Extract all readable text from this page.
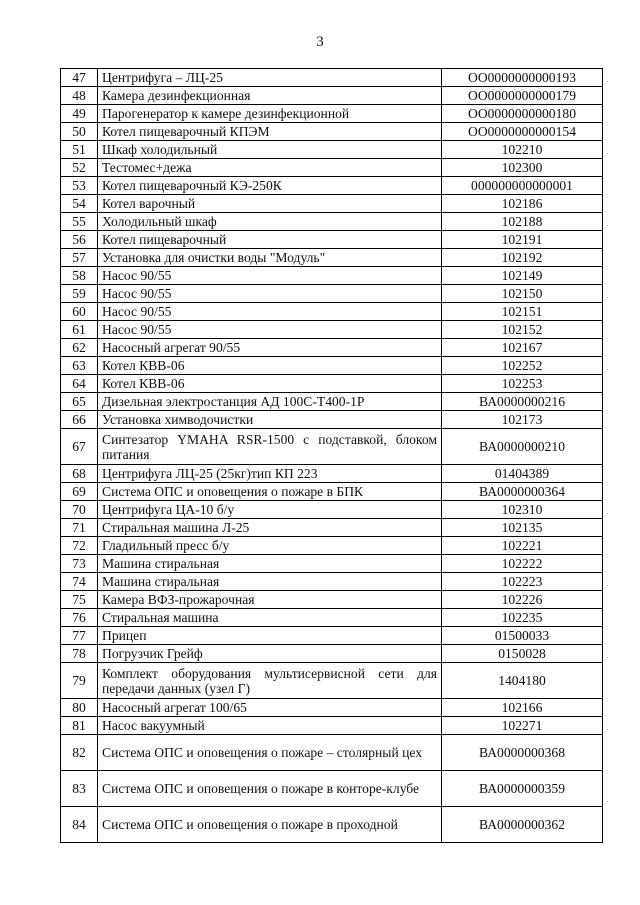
3
47	Центрифуга – ЛЦ-25	ОО0000000000193
48	Камера дезинфекционная	ОО0000000000179
49	Парогенератор к камере дезинфекционной	ОО0000000000180
50	Котел пищеварочный КПЭМ	ОО0000000000154
51	Шкаф холодильный	102210
52	Тестомес+дежа	102300
53	Котел пищеварочный КЭ-250К	000000000000001
54	Котел варочный	102186
55	Холодильный шкаф	102188
56	Котел пищеварочный	102191
57	Установка для очистки воды "Модуль"	102192
58	Насос 90/55	102149
59	Насос 90/55	102150
60	Насос 90/55	102151
61	Насос 90/55	102152
62	Насосный агрегат 90/55	102167
63	Котел КВВ-06	102252
64	Котел КВВ-06	102253
65	Дизельная электростанция АД 100С-Т400-1Р	ВА0000000216
66	Установка химводочистки	102173
67	Синтезатор YMAHA RSR-1500 с подставкой, блоком питания	ВА0000000210
68	Центрифуга ЛЦ-25 (25кг)тип КП 223	01404389
69	Система ОПС и оповещения о пожаре в БПК	ВА0000000364
70	Центрифуга ЦА-10 б/у	102310
71	Стиральная машина Л-25	102135
72	Гладильный пресс б/у	102221
73	Машина стиральная	102222
74	Машина стиральная	102223
75	Камера ВФЗ-прожарочная	102226
76	Стиральная машина	102235
77	Прицеп	01500033
78	Погрузчик Грейф	0150028
79	Комплект оборудования мультисервисной сети для передачи данных (узел Г)	1404180
80	Насосный агрегат 100/65	102166
81	Насос вакуумный	102271
82	Система ОПС и оповещения о пожаре – столярный цех	ВА0000000368
83	Система ОПС и оповещения о пожаре в конторе-клубе	ВА0000000359
84	Система ОПС и оповещения о пожаре в проходной	ВА0000000362
